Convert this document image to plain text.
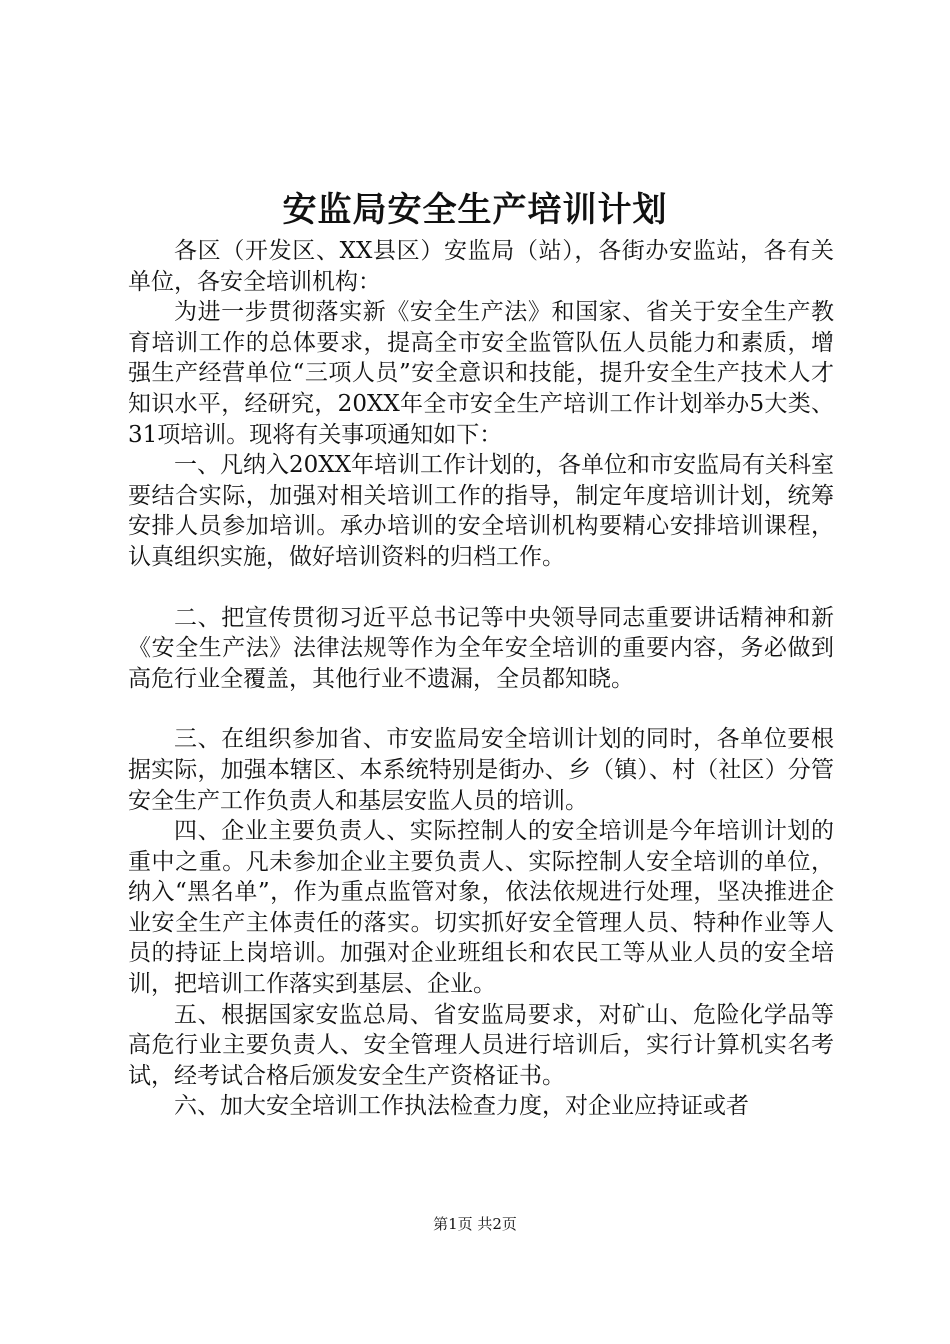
安监局安全生产培训计划

各区（开发区、XX县区）安监局（站），各街办安监站，各有关单位，各安全培训机构：

为进一步贯彻落实新《安全生产法》和国家、省关于安全生产教育培训工作的总体要求，提高全市安全监管队伍人员能力和素质，增强生产经营单位“三项人员”安全意识和技能，提升安全生产技术人才知识水平，经研究，20XX年全市安全生产培训工作计划举办5大类、31项培训。现将有关事项通知如下：

一、凡纳入20XX年培训工作计划的，各单位和市安监局有关科室要结合实际，加强对相关培训工作的指导，制定年度培训计划，统筹安排人员参加培训。承办培训的安全培训机构要精心安排培训课程，认真组织实施，做好培训资料的归档工作。

二、把宣传贯彻习近平总书记等中央领导同志重要讲话精神和新《安全生产法》法律法规等作为全年安全培训的重要内容，务必做到高危行业全覆盖，其他行业不遗漏，全员都知晓。

三、在组织参加省、市安监局安全培训计划的同时，各单位要根据实际，加强本辖区、本系统特别是街办、乡（镇）、村（社区）分管安全生产工作负责人和基层安监人员的培训。

四、企业主要负责人、实际控制人的安全培训是今年培训计划的重中之重。凡未参加企业主要负责人、实际控制人安全培训的单位，纳入“黑名单”，作为重点监管对象，依法依规进行处理，坚决推进企业安全生产主体责任的落实。切实抓好安全管理人员、特种作业等人员的持证上岗培训。加强对企业班组长和农民工等从业人员的安全培训，把培训工作落实到基层、企业。

五、根据国家安监总局、省安监局要求，对矿山、危险化学品等高危行业主要负责人、安全管理人员进行培训后，实行计算机实名考试，经考试合格后颁发安全生产资格证书。

六、加大安全培训工作执法检查力度，对企业应持证或者

第1页 共2页
